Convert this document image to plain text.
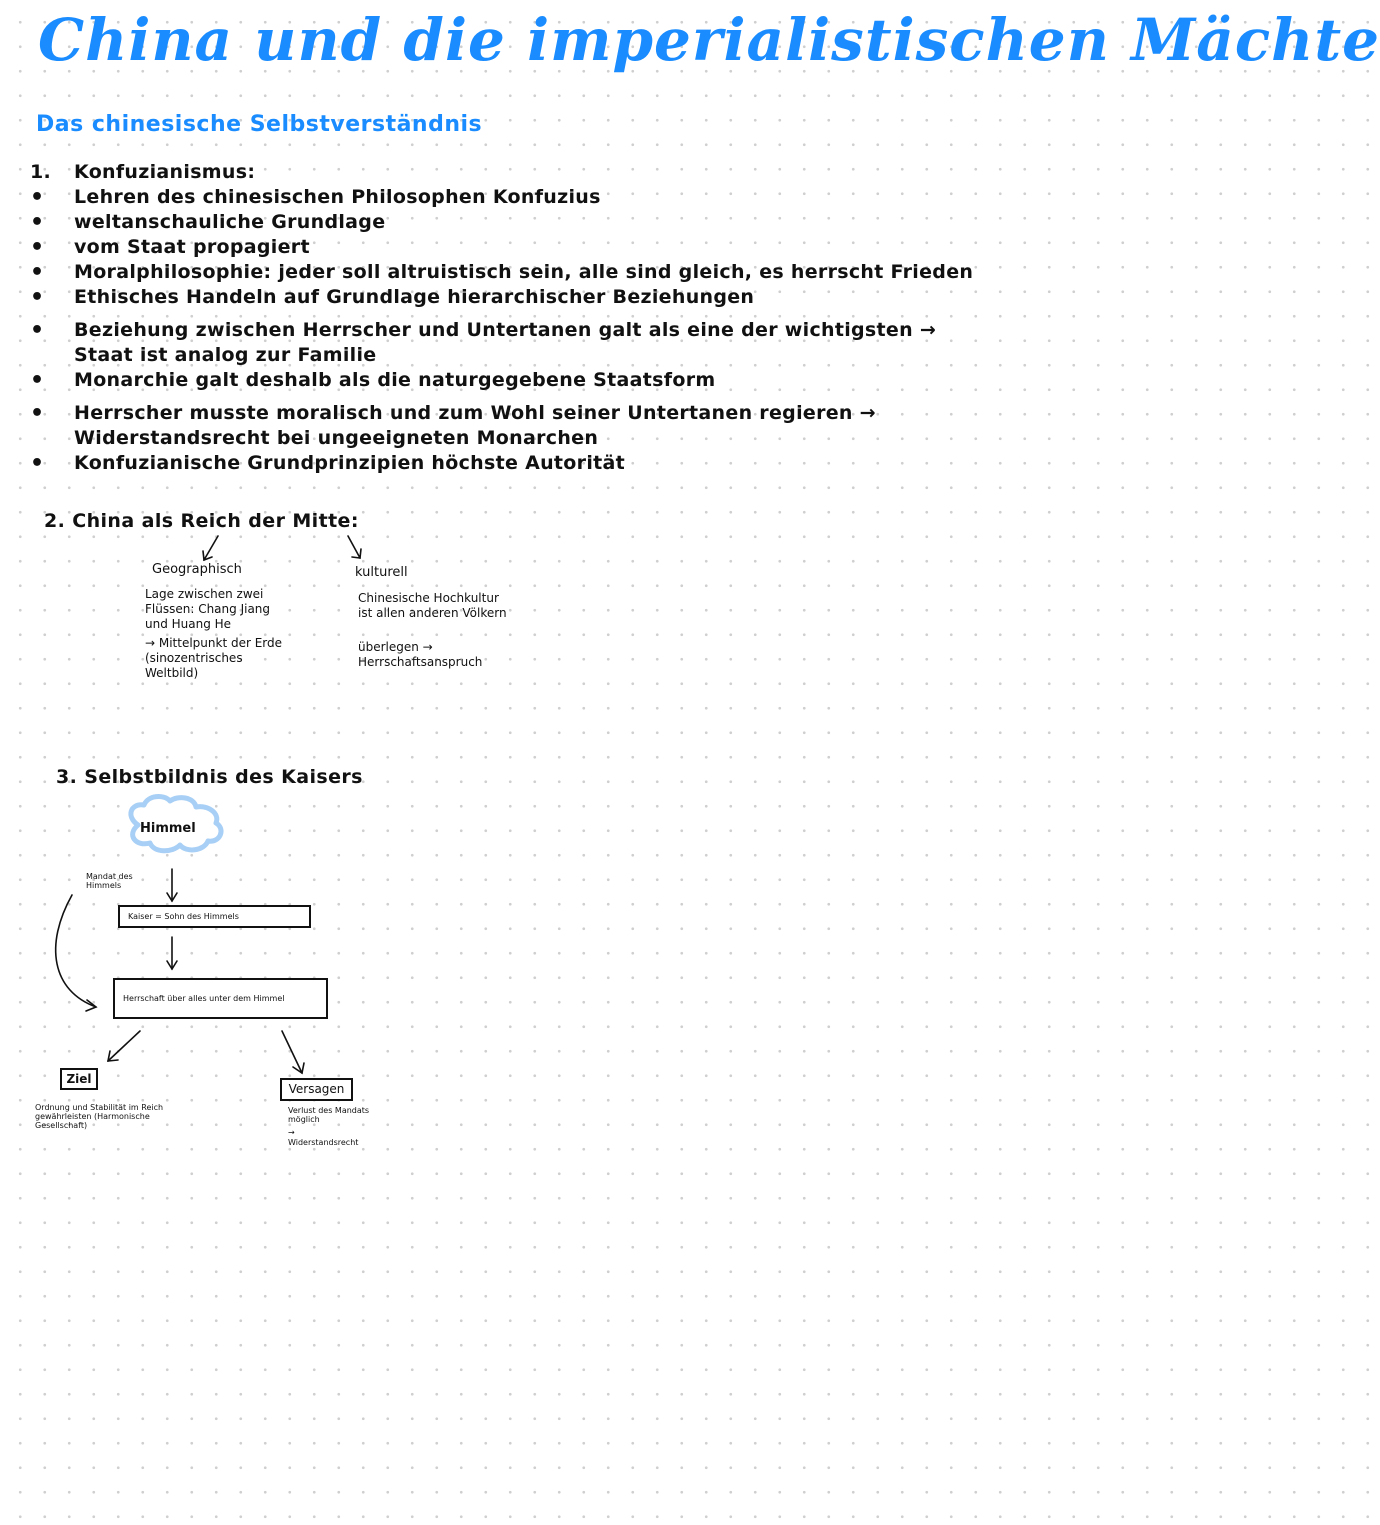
China und die imperialistischen Mächte
Das chinesische Selbstverständnis
1.	Konfuzianismus:
•	Lehren des chinesischen Philosophen Konfuzius
•	weltanschauliche Grundlage
•	vom Staat propagiert
•	Moralphilosophie: jeder soll altruistisch sein, alle sind gleich, es herrscht Frieden
•	Ethisches Handeln auf Grundlage hierarchischer Beziehungen
•	Beziehung zwischen Herrscher und Untertanen galt als eine der wichtigsten →
Staat ist analog zur Familie
•	Monarchie galt deshalb als die naturgegebene Staatsform
•	Herrscher musste moralisch und zum Wohl seiner Untertanen regieren →
Widerstandsrecht bei ungeeigneten Monarchen
•	Konfuzianische Grundprinzipien höchste Autorität
2. China als Reich der Mitte:
Geographisch
Lage zwischen zwei Flüssen: Chang Jiang und Huang He
→ Mittelpunkt der Erde (sinozentrisches Weltbild)
kulturell
Chinesische Hochkultur ist allen anderen Völkern
überlegen → Herrschaftsanspruch
3. Selbstbildnis des Kaisers
Himmel
Mandat des Himmels
Kaiser = Sohn des Himmels
Herrschaft über alles unter dem Himmel
Ziel
Ordnung und Stabilität im Reich gewährleisten (Harmonische Gesellschaft)
Versagen
Verlust des Mandats möglich
→
Widerstandsrecht
